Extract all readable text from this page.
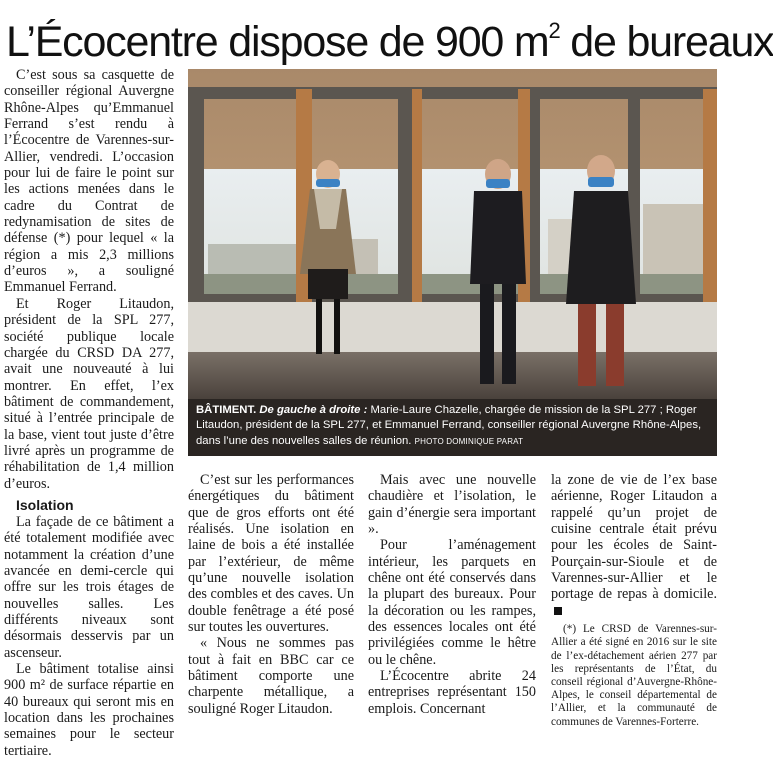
L’Écocentre dispose de 900 $m^2$ de bureaux

C’est sous sa casquette de conseiller régional Auvergne Rhône-Alpes qu’Emmanuel Ferrand s’est rendu à l’Écocentre de Varennes-sur-Allier, vendredi. L’occasion pour lui de faire le point sur les actions menées dans le cadre du Contrat de redynamisation de sites de défense (*) pour lequel « la région a mis 2,3 millions d’euros », a souligné Emmanuel Ferrand.

Et Roger Litaudon, président de la SPL 277, société publique locale chargée du CRSD DA 277, avait une nouveauté à lui montrer. En effet, l’ex bâtiment de commandement, situé à l’entrée principale de la base, vient tout juste d’être livré après un programme de réhabilitation de 1,4 million d’euros.

Isolation

La façade de ce bâtiment a été totalement modifiée avec notamment la création d’une avancée en demi-cercle qui offre sur les trois étages de nouvelles salles. Les différents niveaux sont désormais desservis par un ascenseur.

Le bâtiment totalise ainsi 900 m² de surface répartie en 40 bureaux qui seront mis en location dans les prochaines semaines pour le secteur tertiaire.

BÂTIMENT. De gauche à droite : Marie-Laure Chazelle, chargée de mission de la SPL 277 ; Roger Litaudon, président de la SPL 277, et Emmanuel Ferrand, conseiller régional Auvergne Rhône-Alpes, dans l’une des nouvelles salles de réunion. PHOTO DOMINIQUE PARAT

C’est sur les performances énergétiques du bâtiment que de gros efforts ont été réalisés. Une isolation en laine de bois a été installée par l’extérieur, de même qu’une nouvelle isolation des combles et des caves. Un double fenêtrage a été posé sur toutes les ouvertures.

« Nous ne sommes pas tout à fait en BBC car ce bâtiment comporte une charpente métallique, a souligné Roger Litaudon.

Mais avec une nouvelle chaudière et l’isolation, le gain d’énergie sera important ».

Pour l’aménagement intérieur, les parquets en chêne ont été conservés dans la plupart des bureaux. Pour la décoration ou les rampes, des essences locales ont été privilégiées comme le hêtre ou le chêne.

L’Écocentre abrite 24 entreprises représentant 150 emplois. Concernant

la zone de vie de l’ex base aérienne, Roger Litaudon a rappelé qu’un projet de cuisine centrale était prévu pour les écoles de Saint-Pourçain-sur-Sioule et de Varennes-sur-Allier et le portage de repas à domicile.

(*) Le CRSD de Varennes-sur-Allier a été signé en 2016 sur le site de l’ex-détachement aérien 277 par les représentants de l’État, du conseil régional d’Auvergne-Rhône-Alpes, le conseil départemental de l’Allier, et la communauté de communes de Varennes-Forterre.
